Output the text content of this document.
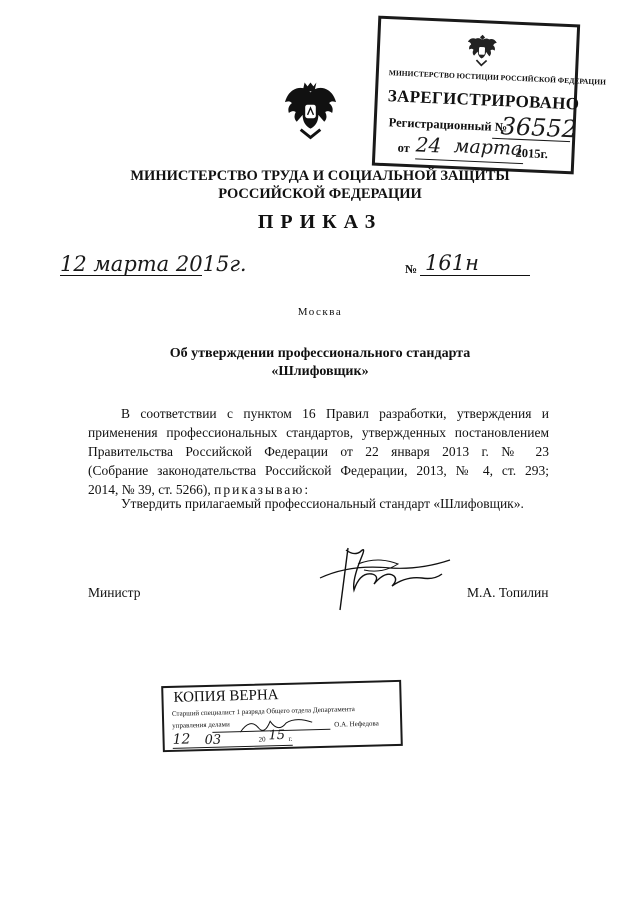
МИНИСТЕРСТВО ЮСТИЦИИ РОССИЙСКОЙ ФЕДЕРАЦИИ
ЗАРЕГИСТРИРОВАНО
Регистрационный №
36552
от 24 марта
2015г.
МИНИСТЕРСТВО ТРУДА И СОЦИАЛЬНОЙ ЗАЩИТЫ
РОССИЙСКОЙ ФЕДЕРАЦИИ
ПРИКАЗ
12 марта 2015г.	№ 161н
Москва
Об утверждении профессионального стандарта
«Шлифовщик»
В соответствии с пунктом 16 Правил разработки, утверждения и
применения профессиональных стандартов, утвержденных постановлением
Правительства Российской Федерации от 22 января 2013 г. № 23
(Собрание законодательства Российской Федерации, 2013, № 4, ст. 293;
2014, № 39, ст. 5266), приказываю:
Утвердить прилагаемый профессиональный стандарт «Шлифовщик».
Министр	М.А. Топилин
КОПИЯ ВЕРНА
Старший специалист 1 разряда Общего отдела Департамента
управления делами	О.А. Нефедова
12 03	20 15 г.
